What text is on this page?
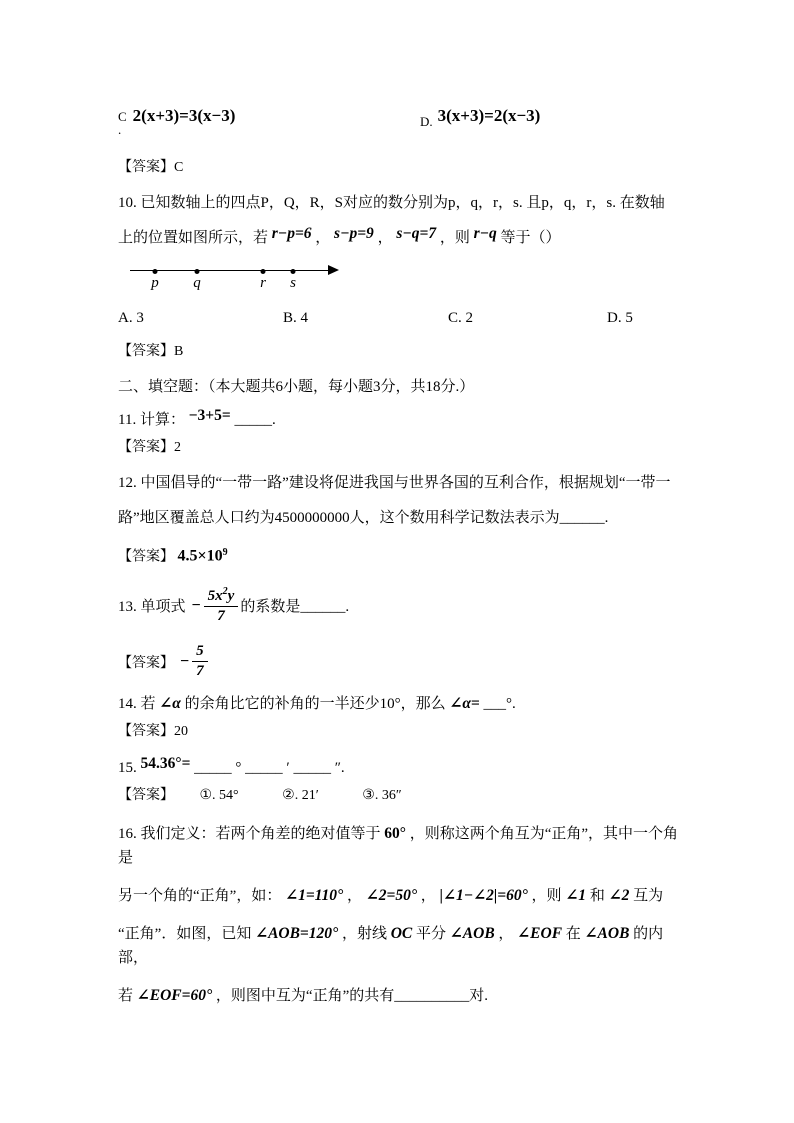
C
.
2(x+3)=3(x−3)	D. 3(x+3)=2(x−3)
【答案】C
10. 已知数轴上的四点P，Q，R，S对应的数分别为p，q，r，s. 且p，q，r，s. 在数轴
上的位置如图所示，若 r−p=6 ， s−p=9 ， s−q=7 ，则 r−q 等于（）
p q	r s
A. 3	B. 4	C. 2	D. 5
【答案】B
二、填空题：（本大题共6小题，每小题3分，共18分.）
11. 计算： −3+5= _____.
【答案】2
12. 中国倡导的“一带一路”建设将促进我国与世界各国的互利合作，根据规划“一带一
路”地区覆盖总人口约为4500000000人，这个数用科学记数法表示为______.
【答案】 $4.5\times 10^9$
13. 单项式 − $\frac{5x^2y}{7}$ 的系数是______.
【答案】 − $\frac{5}{7}$
14. 若 ∠α 的余角比它的补角的一半还少10°，那么 ∠α= ___°.
【答案】20
15. 54.36°= _____ ° _____ ′ _____ ″.
【答案】 ①. 54°	②. 21′	③. 36″
16. 我们定义：若两个角差的绝对值等于 60° ，则称这两个角互为“正角”，其中一个角是
另一个角的“正角”，如： ∠1=110° ， ∠2=50° ， |∠1−∠2|=60° ，则 ∠1 和 ∠2 互为
“正角”．如图，已知 ∠AOB=120° ，射线 OC 平分 ∠AOB ， ∠EOF 在 ∠AOB 的内部，
若 ∠EOF=60° ，则图中互为“正角”的共有__________对.
